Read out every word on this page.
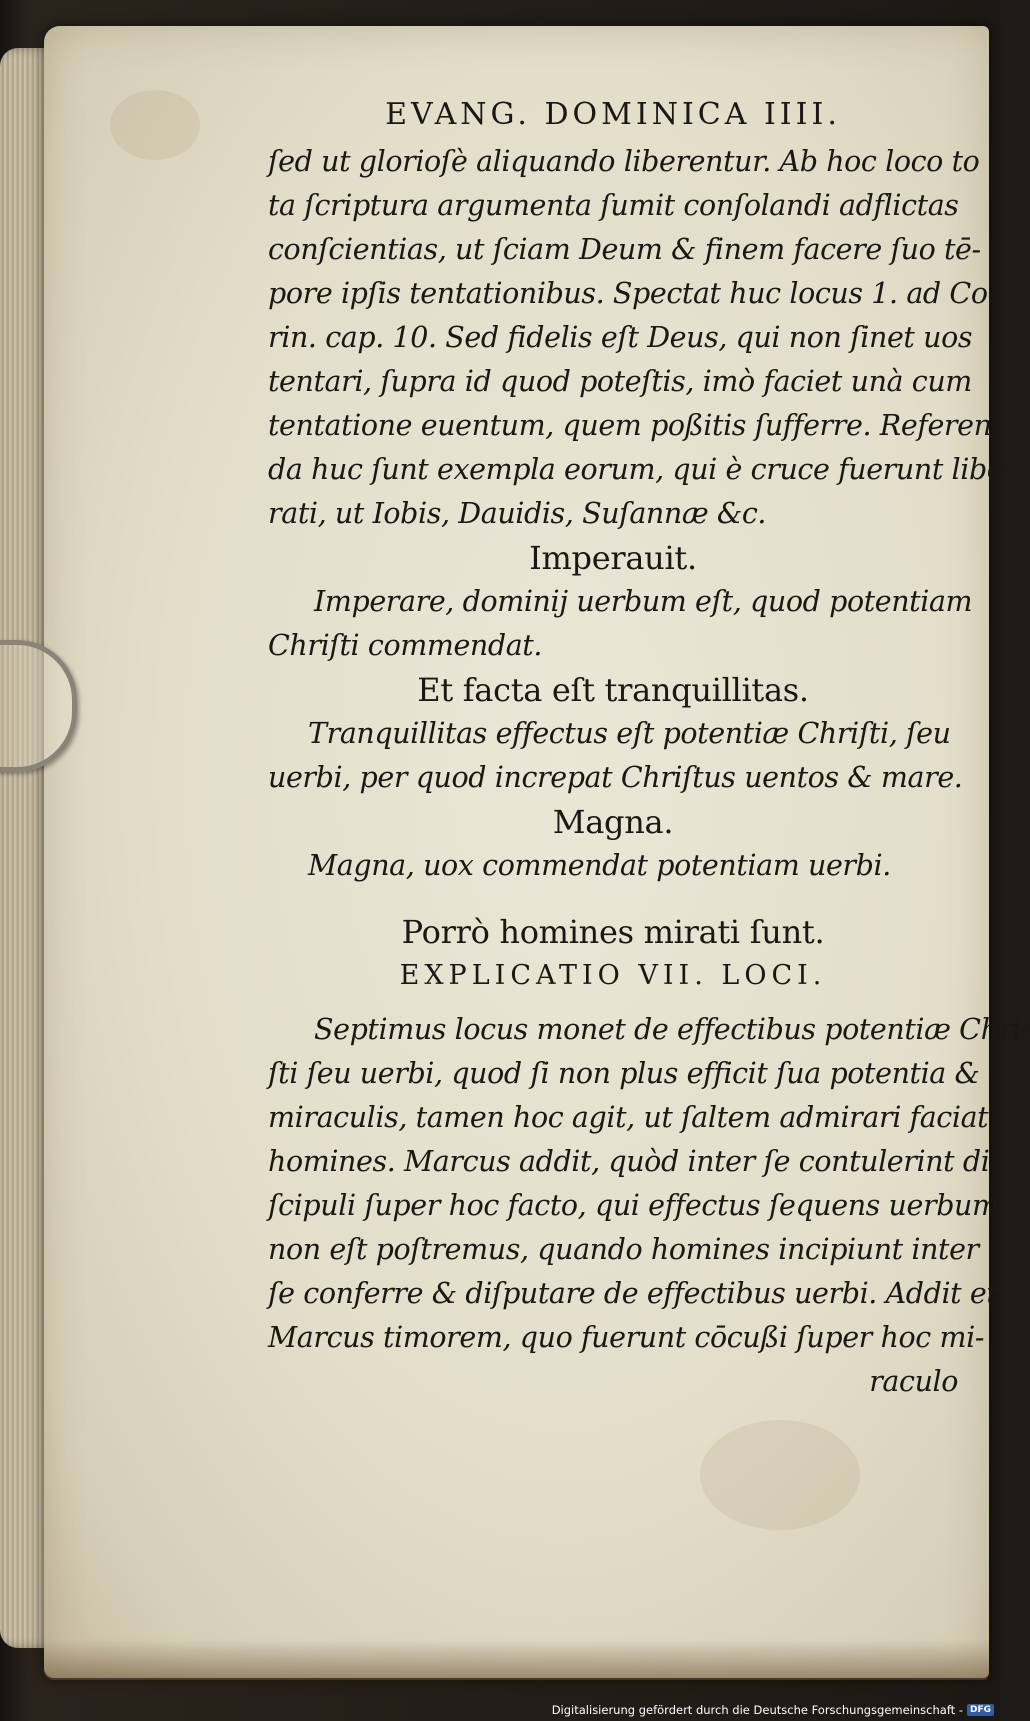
EVANG. DOMINICA IIII.
ſed ut glorioſè aliquando liberentur. Ab hoc loco to
ta ſcriptura argumenta ſumit conſolandi adflictas
conſcientias, ut ſciam Deum & finem facere ſuo tē-
pore ipſis tentationibus. Spectat huc locus 1. ad Co-
rin. cap. 10. Sed fidelis eſt Deus, qui non ſinet uos
tentari, ſupra id quod poteſtis, imò faciet unà cum
tentatione euentum, quem poßitis ſufferre. Referen
da huc ſunt exempla eorum, qui è cruce fuerunt libe
rati, ut Iobis, Dauidis, Suſannæ &c.
Imperauit.
Imperare, dominij uerbum eſt, quod potentiam
Chriſti commendat.
Et facta eſt tranquillitas.
Tranquillitas effectus eſt potentiæ Chriſti, ſeu
uerbi, per quod increpat Chriſtus uentos & mare.
Magna.
Magna, uox commendat potentiam uerbi.
Porrò homines mirati ſunt.
EXPLICATIO VII. LOCI.
Septimus locus monet de effectibus potentiæ Chri-
ſti ſeu uerbi, quod ſi non plus efficit ſua potentia &
miraculis, tamen hoc agit, ut ſaltem admirari faciat
homines. Marcus addit, quòd inter ſe contulerint di
ſcipuli ſuper hoc facto, qui effectus ſequens uerbum
non eſt poſtremus, quando homines incipiunt inter
ſe conferre & diſputare de effectibus uerbi. Addit et
Marcus timorem, quo fuerunt cōcußi ſuper hoc mi-
raculo
Digitalisierung gefördert durch die Deutsche Forschungsgemeinschaft - DFG
